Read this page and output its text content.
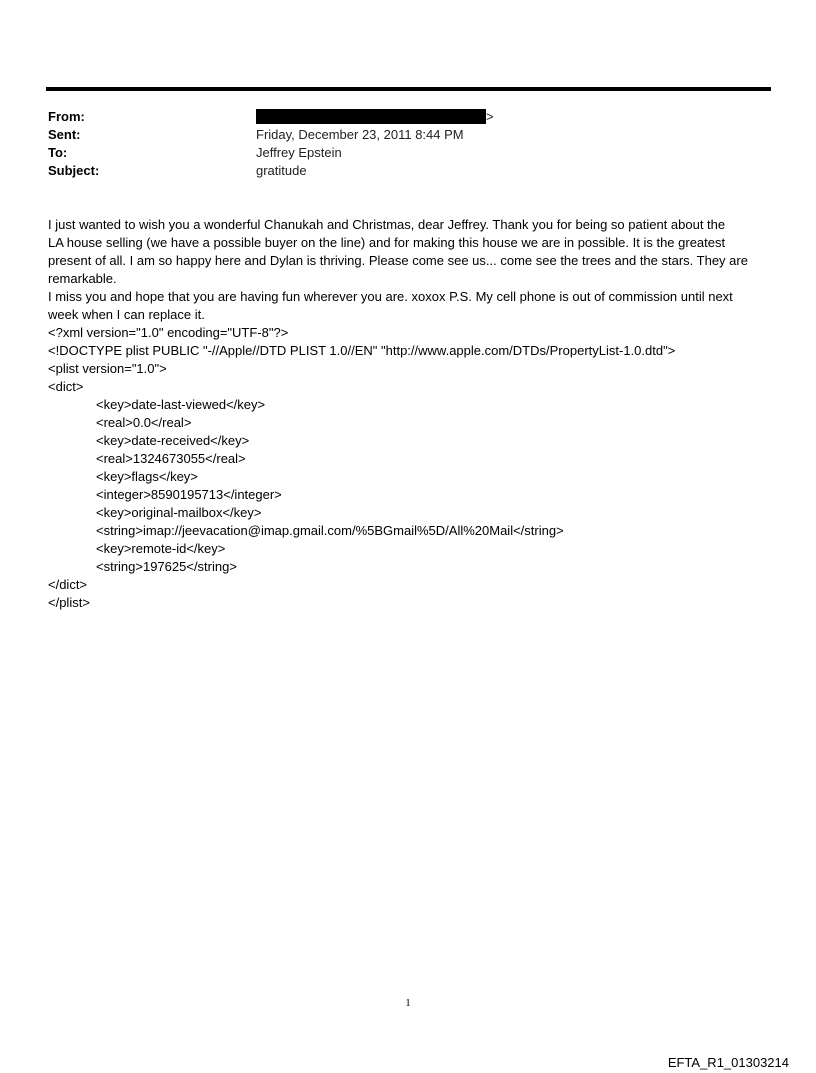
From:	>
Sent:	Friday, December 23, 2011 8:44 PM
To:	Jeffrey Epstein
Subject:	gratitude
I just wanted to wish you a wonderful Chanukah and Christmas, dear Jeffrey. Thank you for being so patient about the
LA house selling (we have a possible buyer on the line) and for making this house we are in possible. It is the greatest
present of all. I am so happy here and Dylan is thriving. Please come see us... come see the trees and the stars. They are
remarkable.
I miss you and hope that you are having fun wherever you are. xoxox P.S. My cell phone is out of commission until next
week when I can replace it.
<?xml version="1.0" encoding="UTF-8"?>
<!DOCTYPE plist PUBLIC "-//Apple//DTD PLIST 1.0//EN" "http://www.apple.com/DTDs/PropertyList-1.0.dtd">
<plist version="1.0">
<dict>
<key>date-last-viewed</key>
<real>0.0</real>
<key>date-received</key>
<real>1324673055</real>
<key>flags</key>
<integer>8590195713</integer>
<key>original-mailbox</key>
<string>imap://jeevacation@imap.gmail.com/%5BGmail%5D/All%20Mail</string>
<key>remote-id</key>
<string>197625</string>
</dict>
</plist>
1
EFTA_R1_01303214
